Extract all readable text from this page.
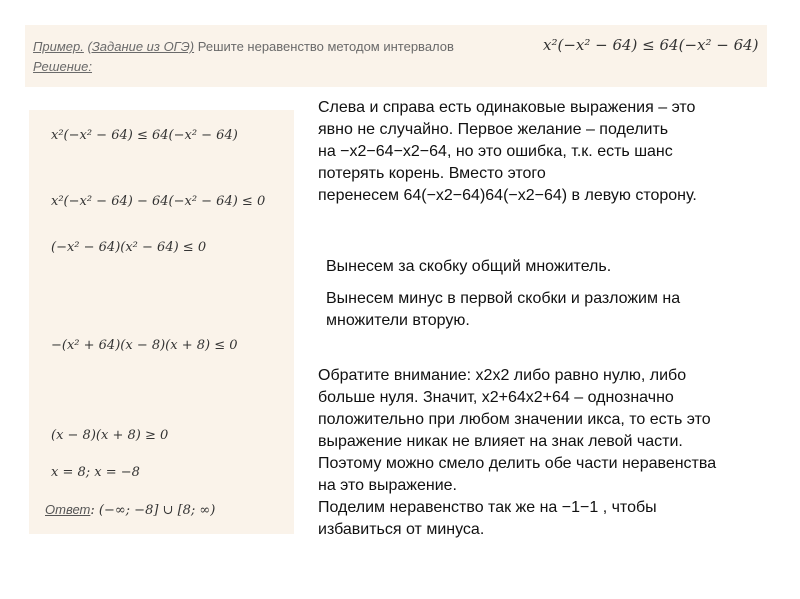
Пример. (Задание из ОГЭ) Решите неравенство методом интервалов	x²(−x² − 64) ≤ 64(−x² − 64)
Решение:
x²(−x² − 64) ≤ 64(−x² − 64)
x²(−x² − 64) − 64(−x² − 64) ≤ 0
(−x² − 64)(x² − 64) ≤ 0
−(x² + 64)(x − 8)(x + 8) ≤ 0
(x − 8)(x + 8) ≥ 0
x = 8; x = −8
Ответ: (−∞; −8] ∪ [8; ∞)

Слева и справа есть одинаковые выражения – это

явно не случайно. Первое желание – поделить

на −x2−64−x2−64, но это ошибка, т.к. есть шанс

потерять корень. Вместо этого

перенесем 64(−x2−64)64(−x2−64) в левую сторону.

Вынесем за скобку общий множитель.

Вынесем минус в первой скобки и разложим на

множители вторую.

Обратите внимание: x2x2 либо равно нулю, либо

больше нуля. Значит, x2+64x2+64 – однозначно

положительно при любом значении икса, то есть это

выражение никак не влияет на знак левой части.

Поэтому можно смело делить обе части неравенства

на это выражение.

Поделим неравенство так же на −1−1 , чтобы

избавиться от минуса.
